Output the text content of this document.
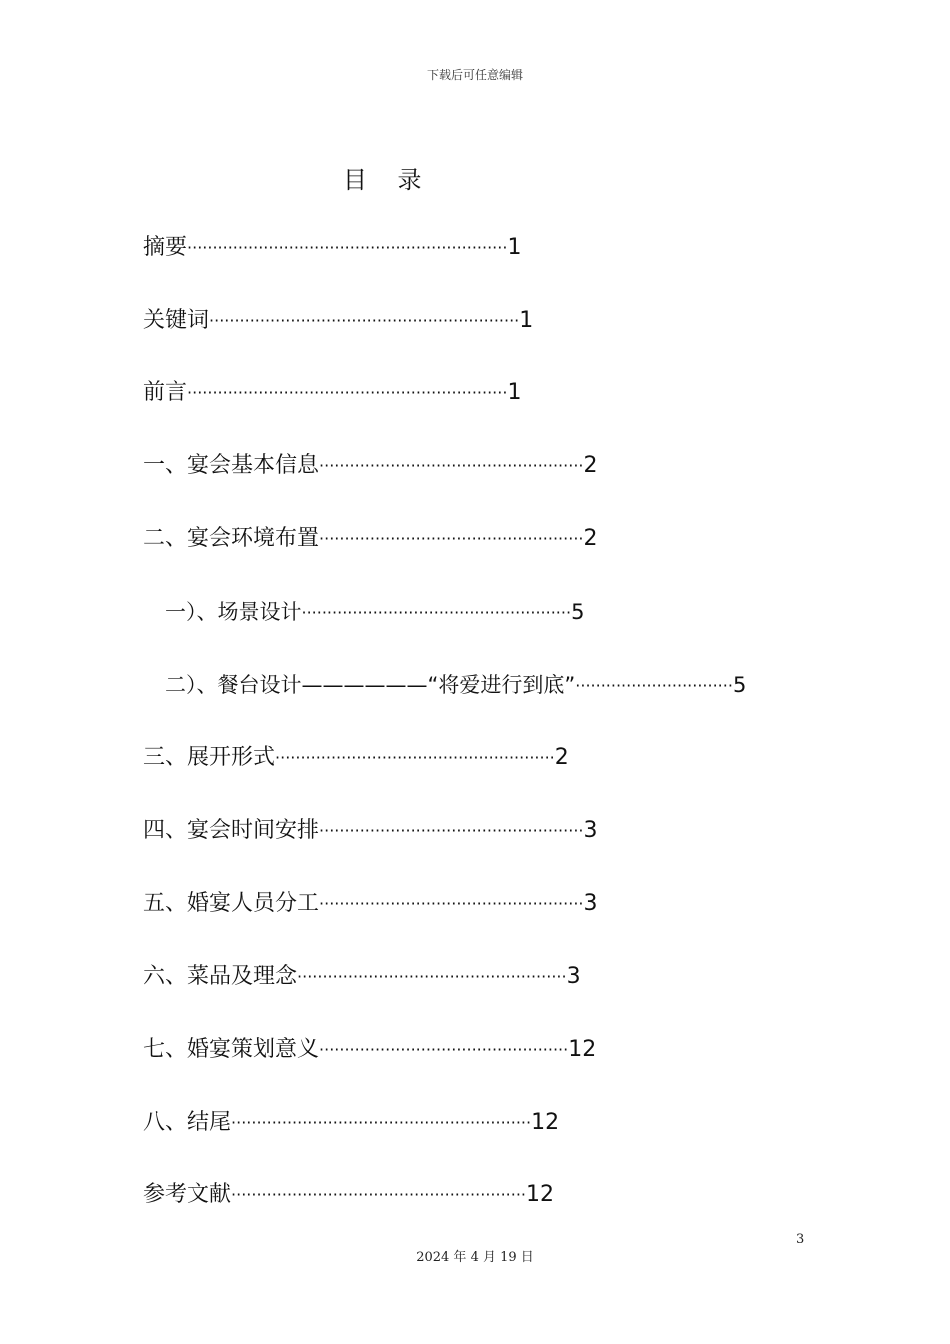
下载后可任意编辑
目    录
摘要·······························································1
关键词·····························································1
前言·······························································1
一、宴会基本信息····················································2
二、宴会环境布置····················································2
一）、场景设计·····················································5
二）、餐台设计——————“将爱进行到底”·······························5
三、展开形式·······················································2
四、宴会时间安排····················································3
五、婚宴人员分工····················································3
六、菜品及理念·····················································3
七、婚宴策划意义·················································12
八、结尾···························································12
参考文献··························································12
3
2024 年 4 月 19 日
